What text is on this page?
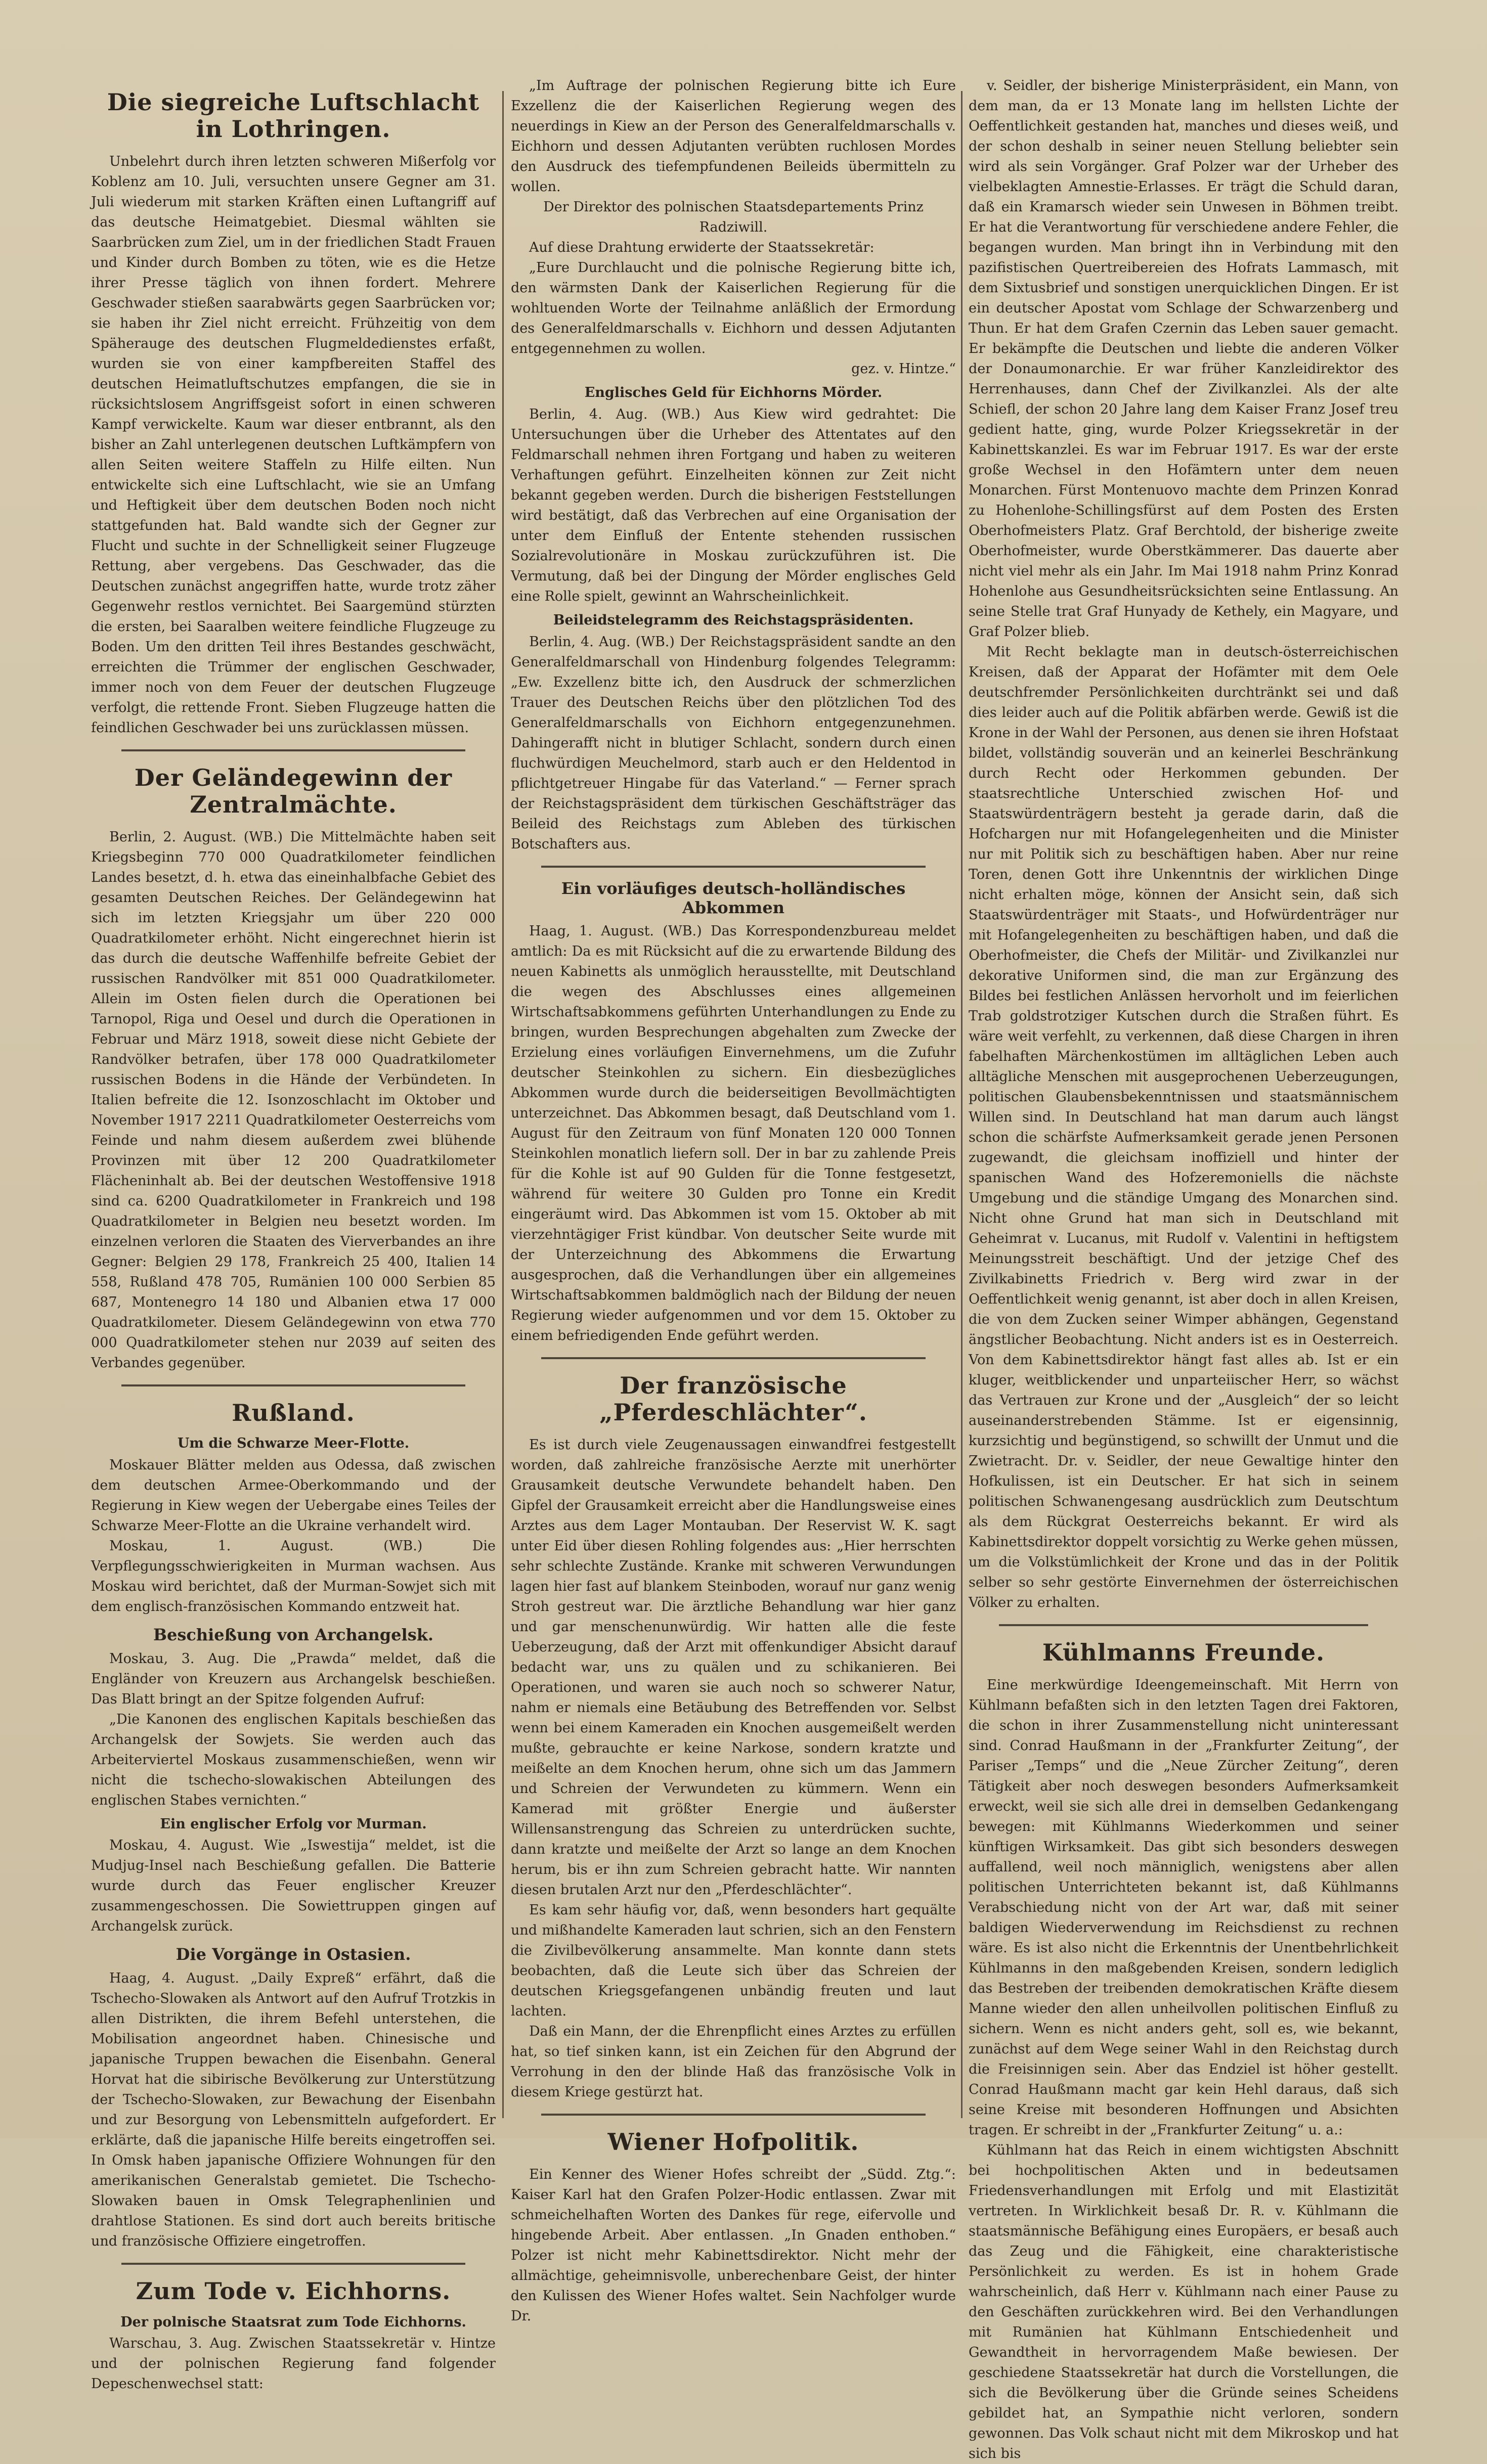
Die siegreiche Luftschlacht in Lothringen.

Unbelehrt durch ihren letzten schweren Mißerfolg vor Koblenz am 10. Juli, versuchten unsere Gegner am 31. Juli wiederum mit starken Kräften einen Luftangriff auf das deutsche Heimatgebiet. Diesmal wählten sie Saarbrücken zum Ziel, um in der friedlichen Stadt Frauen und Kinder durch Bomben zu töten, wie es die Hetze ihrer Presse täglich von ihnen fordert. Mehrere Geschwader stießen saarabwärts gegen Saarbrücken vor; sie haben ihr Ziel nicht erreicht. Frühzeitig von dem Späherauge des deutschen Flugmeldedienstes erfaßt, wurden sie von einer kampfbereiten Staffel des deutschen Heimatluftschutzes empfangen, die sie in rücksichtslosem Angriffsgeist sofort in einen schweren Kampf verwickelte. Kaum war dieser entbrannt, als den bisher an Zahl unterlegenen deutschen Luftkämpfern von allen Seiten weitere Staffeln zu Hilfe eilten. Nun entwickelte sich eine Luftschlacht, wie sie an Umfang und Heftigkeit über dem deutschen Boden noch nicht stattgefunden hat. Bald wandte sich der Gegner zur Flucht und suchte in der Schnelligkeit seiner Flugzeuge Rettung, aber vergebens. Das Geschwader, das die Deutschen zunächst angegriffen hatte, wurde trotz zäher Gegenwehr restlos vernichtet. Bei Saargemünd stürzten die ersten, bei Saaralben weitere feindliche Flugzeuge zu Boden. Um den dritten Teil ihres Bestandes geschwächt, erreichten die Trümmer der englischen Geschwader, immer noch von dem Feuer der deutschen Flugzeuge verfolgt, die rettende Front. Sieben Flugzeuge hatten die feindlichen Geschwader bei uns zurücklassen müssen.

Der Geländegewinn der Zentralmächte.

Berlin, 2. August. (WB.) Die Mittelmächte haben seit Kriegsbeginn 770 000 Quadratkilometer feindlichen Landes besetzt, d. h. etwa das eineinhalbfache Gebiet des gesamten Deutschen Reiches. Der Geländegewinn hat sich im letzten Kriegsjahr um über 220 000 Quadratkilometer erhöht. Nicht eingerechnet hierin ist das durch die deutsche Waffenhilfe befreite Gebiet der russischen Randvölker mit 851 000 Quadratkilometer. Allein im Osten fielen durch die Operationen bei Tarnopol, Riga und Oesel und durch die Operationen in Februar und März 1918, soweit diese nicht Gebiete der Randvölker betrafen, über 178 000 Quadratkilometer russischen Bodens in die Hände der Verbündeten. In Italien befreite die 12. Isonzoschlacht im Oktober und November 1917 2211 Quadratkilometer Oesterreichs vom Feinde und nahm diesem außerdem zwei blühende Provinzen mit über 12 200 Quadratkilometer Flächeninhalt ab. Bei der deutschen Westoffensive 1918 sind ca. 6200 Quadratkilometer in Frankreich und 198 Quadratkilometer in Belgien neu besetzt worden. Im einzelnen verloren die Staaten des Vierverbandes an ihre Gegner: Belgien 29 178, Frankreich 25 400, Italien 14 558, Rußland 478 705, Rumänien 100 000 Serbien 85 687, Montenegro 14 180 und Albanien etwa 17 000 Quadratkilometer. Diesem Geländegewinn von etwa 770 000 Quadratkilometer stehen nur 2039 auf seiten des Verbandes gegenüber.

Rußland.
Um die Schwarze Meer-Flotte.

Moskauer Blätter melden aus Odessa, daß zwischen dem deutschen Armee-Oberkommando und der Regierung in Kiew wegen der Uebergabe eines Teiles der Schwarze Meer-Flotte an die Ukraine verhandelt wird.

Moskau, 1. August. (WB.) Die Verpflegungsschwierigkeiten in Murman wachsen. Aus Moskau wird berichtet, daß der Murman-Sowjet sich mit dem englisch-französischen Kommando entzweit hat.

Beschießung von Archangelsk.

Moskau, 3. Aug. Die „Prawda“ meldet, daß die Engländer von Kreuzern aus Archangelsk beschießen. Das Blatt bringt an der Spitze folgenden Aufruf:

„Die Kanonen des englischen Kapitals beschießen das Archangelsk der Sowjets. Sie werden auch das Arbeiterviertel Moskaus zusammenschießen, wenn wir nicht die tschecho-slowakischen Abteilungen des englischen Stabes vernichten.“

Ein englischer Erfolg vor Murman.

Moskau, 4. August. Wie „Iswestija“ meldet, ist die Mudjug-Insel nach Beschießung gefallen. Die Batterie wurde durch das Feuer englischer Kreuzer zusammengeschossen. Die Sowiettruppen gingen auf Archangelsk zurück.

Die Vorgänge in Ostasien.

Haag, 4. August. „Daily Expreß“ erfährt, daß die Tschecho-Slowaken als Antwort auf den Aufruf Trotzkis in allen Distrikten, die ihrem Befehl unterstehen, die Mobilisation angeordnet haben. Chinesische und japanische Truppen bewachen die Eisenbahn. General Horvat hat die sibirische Bevölkerung zur Unterstützung der Tschecho-Slowaken, zur Bewachung der Eisenbahn und zur Besorgung von Lebensmitteln aufgefordert. Er erklärte, daß die japanische Hilfe bereits eingetroffen sei. In Omsk haben japanische Offiziere Wohnungen für den amerikanischen Generalstab gemietet. Die Tschecho-Slowaken bauen in Omsk Telegraphenlinien und drahtlose Stationen. Es sind dort auch bereits britische und französische Offiziere eingetroffen.

Zum Tode v. Eichhorns.
Der polnische Staatsrat zum Tode Eichhorns.

Warschau, 3. Aug. Zwischen Staatssekretär v. Hintze und der polnischen Regierung fand folgender Depeschenwechsel statt:

„Im Auftrage der polnischen Regierung bitte ich Eure Exzellenz die der Kaiserlichen Regierung wegen des neuerdings in Kiew an der Person des Generalfeldmarschalls v. Eichhorn und dessen Adjutanten verübten ruchlosen Mordes den Ausdruck des tiefempfundenen Beileids übermitteln zu wollen.

Der Direktor des polnischen Staatsdepartements Prinz Radziwill.

Auf diese Drahtung erwiderte der Staatssekretär:

„Eure Durchlaucht und die polnische Regierung bitte ich, den wärmsten Dank der Kaiserlichen Regierung für die wohltuenden Worte der Teilnahme anläßlich der Ermordung des Generalfeldmarschalls v. Eichhorn und dessen Adjutanten entgegennehmen zu wollen.

gez. v. Hintze.“

Englisches Geld für Eichhorns Mörder.

Berlin, 4. Aug. (WB.) Aus Kiew wird gedrahtet: Die Untersuchungen über die Urheber des Attentates auf den Feldmarschall nehmen ihren Fortgang und haben zu weiteren Verhaftungen geführt. Einzelheiten können zur Zeit nicht bekannt gegeben werden. Durch die bisherigen Feststellungen wird bestätigt, daß das Verbrechen auf eine Organisation der unter dem Einfluß der Entente stehenden russischen Sozialrevolutionäre in Moskau zurückzuführen ist. Die Vermutung, daß bei der Dingung der Mörder englisches Geld eine Rolle spielt, gewinnt an Wahrscheinlichkeit.

Beileidstelegramm des Reichstagspräsidenten.

Berlin, 4. Aug. (WB.) Der Reichstagspräsident sandte an den Generalfeldmarschall von Hindenburg folgendes Telegramm: „Ew. Exzellenz bitte ich, den Ausdruck der schmerzlichen Trauer des Deutschen Reichs über den plötzlichen Tod des Generalfeldmarschalls von Eichhorn entgegenzunehmen. Dahingerafft nicht in blutiger Schlacht, sondern durch einen fluchwürdigen Meuchelmord, starb auch er den Heldentod in pflichtgetreuer Hingabe für das Vaterland.“ — Ferner sprach der Reichstagspräsident dem türkischen Geschäftsträger das Beileid des Reichstags zum Ableben des türkischen Botschafters aus.

Ein vorläufiges deutsch-holländisches Abkommen

Haag, 1. August. (WB.) Das Korrespondenzbureau meldet amtlich: Da es mit Rücksicht auf die zu erwartende Bildung des neuen Kabinetts als unmöglich herausstellte, mit Deutschland die wegen des Abschlusses eines allgemeinen Wirtschaftsabkommens geführten Unterhandlungen zu Ende zu bringen, wurden Besprechungen abgehalten zum Zwecke der Erzielung eines vorläufigen Einvernehmens, um die Zufuhr deutscher Steinkohlen zu sichern. Ein diesbezügliches Abkommen wurde durch die beiderseitigen Bevollmächtigten unterzeichnet. Das Abkommen besagt, daß Deutschland vom 1. August für den Zeitraum von fünf Monaten 120 000 Tonnen Steinkohlen monatlich liefern soll. Der in bar zu zahlende Preis für die Kohle ist auf 90 Gulden für die Tonne festgesetzt, während für weitere 30 Gulden pro Tonne ein Kredit eingeräumt wird. Das Abkommen ist vom 15. Oktober ab mit vierzehntägiger Frist kündbar. Von deutscher Seite wurde mit der Unterzeichnung des Abkommens die Erwartung ausgesprochen, daß die Verhandlungen über ein allgemeines Wirtschaftsabkommen baldmöglich nach der Bildung der neuen Regierung wieder aufgenommen und vor dem 15. Oktober zu einem befriedigenden Ende geführt werden.

Der französische „Pferdeschlächter“.

Es ist durch viele Zeugenaussagen einwandfrei festgestellt worden, daß zahlreiche französische Aerzte mit unerhörter Grausamkeit deutsche Verwundete behandelt haben. Den Gipfel der Grausamkeit erreicht aber die Handlungsweise eines Arztes aus dem Lager Montauban. Der Reservist W. K. sagt unter Eid über diesen Rohling folgendes aus: „Hier herrschten sehr schlechte Zustände. Kranke mit schweren Verwundungen lagen hier fast auf blankem Steinboden, worauf nur ganz wenig Stroh gestreut war. Die ärztliche Behandlung war hier ganz und gar menschenunwürdig. Wir hatten alle die feste Ueberzeugung, daß der Arzt mit offenkundiger Absicht darauf bedacht war, uns zu quälen und zu schikanieren. Bei Operationen, und waren sie auch noch so schwerer Natur, nahm er niemals eine Betäubung des Betreffenden vor. Selbst wenn bei einem Kameraden ein Knochen ausgemeißelt werden mußte, gebrauchte er keine Narkose, sondern kratzte und meißelte an dem Knochen herum, ohne sich um das Jammern und Schreien der Verwundeten zu kümmern. Wenn ein Kamerad mit größter Energie und äußerster Willensanstrengung das Schreien zu unterdrücken suchte, dann kratzte und meißelte der Arzt so lange an dem Knochen herum, bis er ihn zum Schreien gebracht hatte. Wir nannten diesen brutalen Arzt nur den „Pferdeschlächter“.

Es kam sehr häufig vor, daß, wenn besonders hart gequälte und mißhandelte Kameraden laut schrien, sich an den Fenstern die Zivilbevölkerung ansammelte. Man konnte dann stets beobachten, daß die Leute sich über das Schreien der deutschen Kriegsgefangenen unbändig freuten und laut lachten.

Daß ein Mann, der die Ehrenpflicht eines Arztes zu erfüllen hat, so tief sinken kann, ist ein Zeichen für den Abgrund der Verrohung in den der blinde Haß das französische Volk in diesem Kriege gestürzt hat.

Wiener Hofpolitik.

Ein Kenner des Wiener Hofes schreibt der „Südd. Ztg.“: Kaiser Karl hat den Grafen Polzer-Hodic entlassen. Zwar mit schmeichelhaften Worten des Dankes für rege, eifervolle und hingebende Arbeit. Aber entlassen. „In Gnaden enthoben.“ Polzer ist nicht mehr Kabinettsdirektor. Nicht mehr der allmächtige, geheimnisvolle, unberechenbare Geist, der hinter den Kulissen des Wiener Hofes waltet. Sein Nachfolger wurde Dr.

v. Seidler, der bisherige Ministerpräsident, ein Mann, von dem man, da er 13 Monate lang im hellsten Lichte der Oeffentlichkeit gestanden hat, manches und dieses weiß, und der schon deshalb in seiner neuen Stellung beliebter sein wird als sein Vorgänger. Graf Polzer war der Urheber des vielbeklagten Amnestie-Erlasses. Er trägt die Schuld daran, daß ein Kramarsch wieder sein Unwesen in Böhmen treibt. Er hat die Verantwortung für verschiedene andere Fehler, die begangen wurden. Man bringt ihn in Verbindung mit den pazifistischen Quertreibereien des Hofrats Lammasch, mit dem Sixtusbrief und sonstigen unerquicklichen Dingen. Er ist ein deutscher Apostat vom Schlage der Schwarzenberg und Thun. Er hat dem Grafen Czernin das Leben sauer gemacht. Er bekämpfte die Deutschen und liebte die anderen Völker der Donaumonarchie. Er war früher Kanzleidirektor des Herrenhauses, dann Chef der Zivilkanzlei. Als der alte Schiefl, der schon 20 Jahre lang dem Kaiser Franz Josef treu gedient hatte, ging, wurde Polzer Kriegssekretär in der Kabinettskanzlei. Es war im Februar 1917. Es war der erste große Wechsel in den Hofämtern unter dem neuen Monarchen. Fürst Montenuovo machte dem Prinzen Konrad zu Hohenlohe-Schillingsfürst auf dem Posten des Ersten Oberhofmeisters Platz. Graf Berchtold, der bisherige zweite Oberhofmeister, wurde Oberstkämmerer. Das dauerte aber nicht viel mehr als ein Jahr. Im Mai 1918 nahm Prinz Konrad Hohenlohe aus Gesundheitsrücksichten seine Entlassung. An seine Stelle trat Graf Hunyady de Kethely, ein Magyare, und Graf Polzer blieb.

Mit Recht beklagte man in deutsch-österreichischen Kreisen, daß der Apparat der Hofämter mit dem Oele deutschfremder Persönlichkeiten durchtränkt sei und daß dies leider auch auf die Politik abfärben werde. Gewiß ist die Krone in der Wahl der Personen, aus denen sie ihren Hofstaat bildet, vollständig souverän und an keinerlei Beschränkung durch Recht oder Herkommen gebunden. Der staatsrechtliche Unterschied zwischen Hof- und Staatswürdenträgern besteht ja gerade darin, daß die Hofchargen nur mit Hofangelegenheiten und die Minister nur mit Politik sich zu beschäftigen haben. Aber nur reine Toren, denen Gott ihre Unkenntnis der wirklichen Dinge nicht erhalten möge, können der Ansicht sein, daß sich Staatswürdenträger mit Staats-, und Hofwürdenträger nur mit Hofangelegenheiten zu beschäftigen haben, und daß die Oberhofmeister, die Chefs der Militär- und Zivilkanzlei nur dekorative Uniformen sind, die man zur Ergänzung des Bildes bei festlichen Anlässen hervorholt und im feierlichen Trab goldstrotziger Kutschen durch die Straßen führt. Es wäre weit verfehlt, zu verkennen, daß diese Chargen in ihren fabelhaften Märchenkostümen im alltäglichen Leben auch alltägliche Menschen mit ausgeprochenen Ueberzeugungen, politischen Glaubensbekenntnissen und staatsmännischem Willen sind. In Deutschland hat man darum auch längst schon die schärfste Aufmerksamkeit gerade jenen Personen zugewandt, die gleichsam inoffiziell und hinter der spanischen Wand des Hofzeremoniells die nächste Umgebung und die ständige Umgang des Monarchen sind. Nicht ohne Grund hat man sich in Deutschland mit Geheimrat v. Lucanus, mit Rudolf v. Valentini in heftigstem Meinungsstreit beschäftigt. Und der jetzige Chef des Zivilkabinetts Friedrich v. Berg wird zwar in der Oeffentlichkeit wenig genannt, ist aber doch in allen Kreisen, die von dem Zucken seiner Wimper abhängen, Gegenstand ängstlicher Beobachtung. Nicht anders ist es in Oesterreich. Von dem Kabinettsdirektor hängt fast alles ab. Ist er ein kluger, weitblickender und unparteiischer Herr, so wächst das Vertrauen zur Krone und der „Ausgleich“ der so leicht auseinanderstrebenden Stämme. Ist er eigensinnig, kurzsichtig und begünstigend, so schwillt der Unmut und die Zwietracht. Dr. v. Seidler, der neue Gewaltige hinter den Hofkulissen, ist ein Deutscher. Er hat sich in seinem politischen Schwanengesang ausdrücklich zum Deutschtum als dem Rückgrat Oesterreichs bekannt. Er wird als Kabinettsdirektor doppelt vorsichtig zu Werke gehen müssen, um die Volkstümlichkeit der Krone und das in der Politik selber so sehr gestörte Einvernehmen der österreichischen Völker zu erhalten.

Kühlmanns Freunde.

Eine merkwürdige Ideengemeinschaft. Mit Herrn von Kühlmann befaßten sich in den letzten Tagen drei Faktoren, die schon in ihrer Zusammenstellung nicht uninteressant sind. Conrad Haußmann in der „Frankfurter Zeitung“, der Pariser „Temps“ und die „Neue Zürcher Zeitung“, deren Tätigkeit aber noch deswegen besonders Aufmerksamkeit erweckt, weil sie sich alle drei in demselben Gedankengang bewegen: mit Kühlmanns Wiederkommen und seiner künftigen Wirksamkeit. Das gibt sich besonders deswegen auffallend, weil noch männiglich, wenigstens aber allen politischen Unterrichteten bekannt ist, daß Kühlmanns Verabschiedung nicht von der Art war, daß mit seiner baldigen Wiederverwendung im Reichsdienst zu rechnen wäre. Es ist also nicht die Erkenntnis der Unentbehrlichkeit Kühlmanns in den maßgebenden Kreisen, sondern lediglich das Bestreben der treibenden demokratischen Kräfte diesem Manne wieder den allen unheilvollen politischen Einfluß zu sichern. Wenn es nicht anders geht, soll es, wie bekannt, zunächst auf dem Wege seiner Wahl in den Reichstag durch die Freisinnigen sein. Aber das Endziel ist höher gestellt. Conrad Haußmann macht gar kein Hehl daraus, daß sich seine Kreise mit besonderen Hoffnungen und Absichten tragen. Er schreibt in der „Frankfurter Zeitung“ u. a.:

Kühlmann hat das Reich in einem wichtigsten Abschnitt bei hochpolitischen Akten und in bedeutsamen Friedensverhandlungen mit Erfolg und mit Elastizität vertreten. In Wirklichkeit besaß Dr. R. v. Kühlmann die staatsmännische Befähigung eines Europäers, er besaß auch das Zeug und die Fähigkeit, eine charakteristische Persönlichkeit zu werden. Es ist in hohem Grade wahrscheinlich, daß Herr v. Kühlmann nach einer Pause zu den Geschäften zurückkehren wird. Bei den Verhandlungen mit Rumänien hat Kühlmann Entschiedenheit und Gewandtheit in hervorragendem Maße bewiesen. Der geschiedene Staatssekretär hat durch die Vorstellungen, die sich die Bevölkerung über die Gründe seines Scheidens gebildet hat, an Sympathie nicht verloren, sondern gewonnen. Das Volk schaut nicht mit dem Mikroskop und hat sich bis
